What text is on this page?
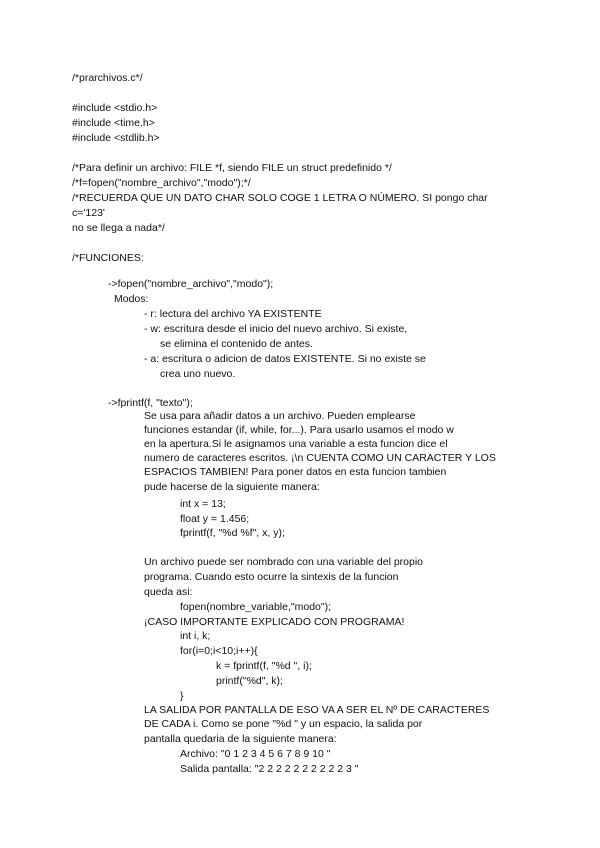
/*prarchivos.c*/
#include <stdio.h>
#include <time.h>
#include <stdlib.h>
/*Para definir un archivo: FILE *f, siendo FILE un struct predefinido */
/*f=fopen("nombre_archivo","modo");*/
/*RECUERDA QUE UN DATO CHAR SOLO COGE 1 LETRA O NÚMERO. SI pongo char
c='123'
no se llega a nada*/
/*FUNCIONES:
->fopen("nombre_archivo","modo");
Modos:
- r: lectura del archivo YA EXISTENTE
- w: escritura desde el inicio del nuevo archivo. Si existe,
se elimina el contenido de antes.
- a: escritura o adicion de datos EXISTENTE. Si no existe se
crea uno nuevo.
->fprintf(f, "texto");
Se usa para añadir datos a un archivo. Pueden emplearse
funciones estandar (if, while, for...). Para usarlo usamos el modo w
en la apertura.Si le asignamos una variable a esta funcion dice el
numero de caracteres escritos. ¡\n CUENTA COMO UN CARACTER Y LOS
ESPACIOS TAMBIEN! Para poner datos en esta funcion tambien
pude hacerse de la siguiente manera:
int x = 13;
float y = 1.456;
fprintf(f, "%d %f", x, y);
Un archivo puede ser nombrado con una variable del propio
programa. Cuando esto ocurre la sintexis de la funcion
queda asi:
fopen(nombre_variable,"modo");
¡CASO IMPORTANTE EXPLICADO CON PROGRAMA!
int i, k;
for(i=0;i<10;i++){
k = fprintf(f, "%d ", i);
printf("%d", k);
}
LA SALIDA POR PANTALLA DE ESO VA A SER EL Nº DE CARACTERES
DE CADA i. Como se pone "%d " y un espacio, la salida por
pantalla quedaria de la siguiente manera:
Archivo: "0 1 2 3 4 5 6 7 8 9 10 "
Salida pantalla: "2 2 2 2 2 2 2 2 2 2 3 "
